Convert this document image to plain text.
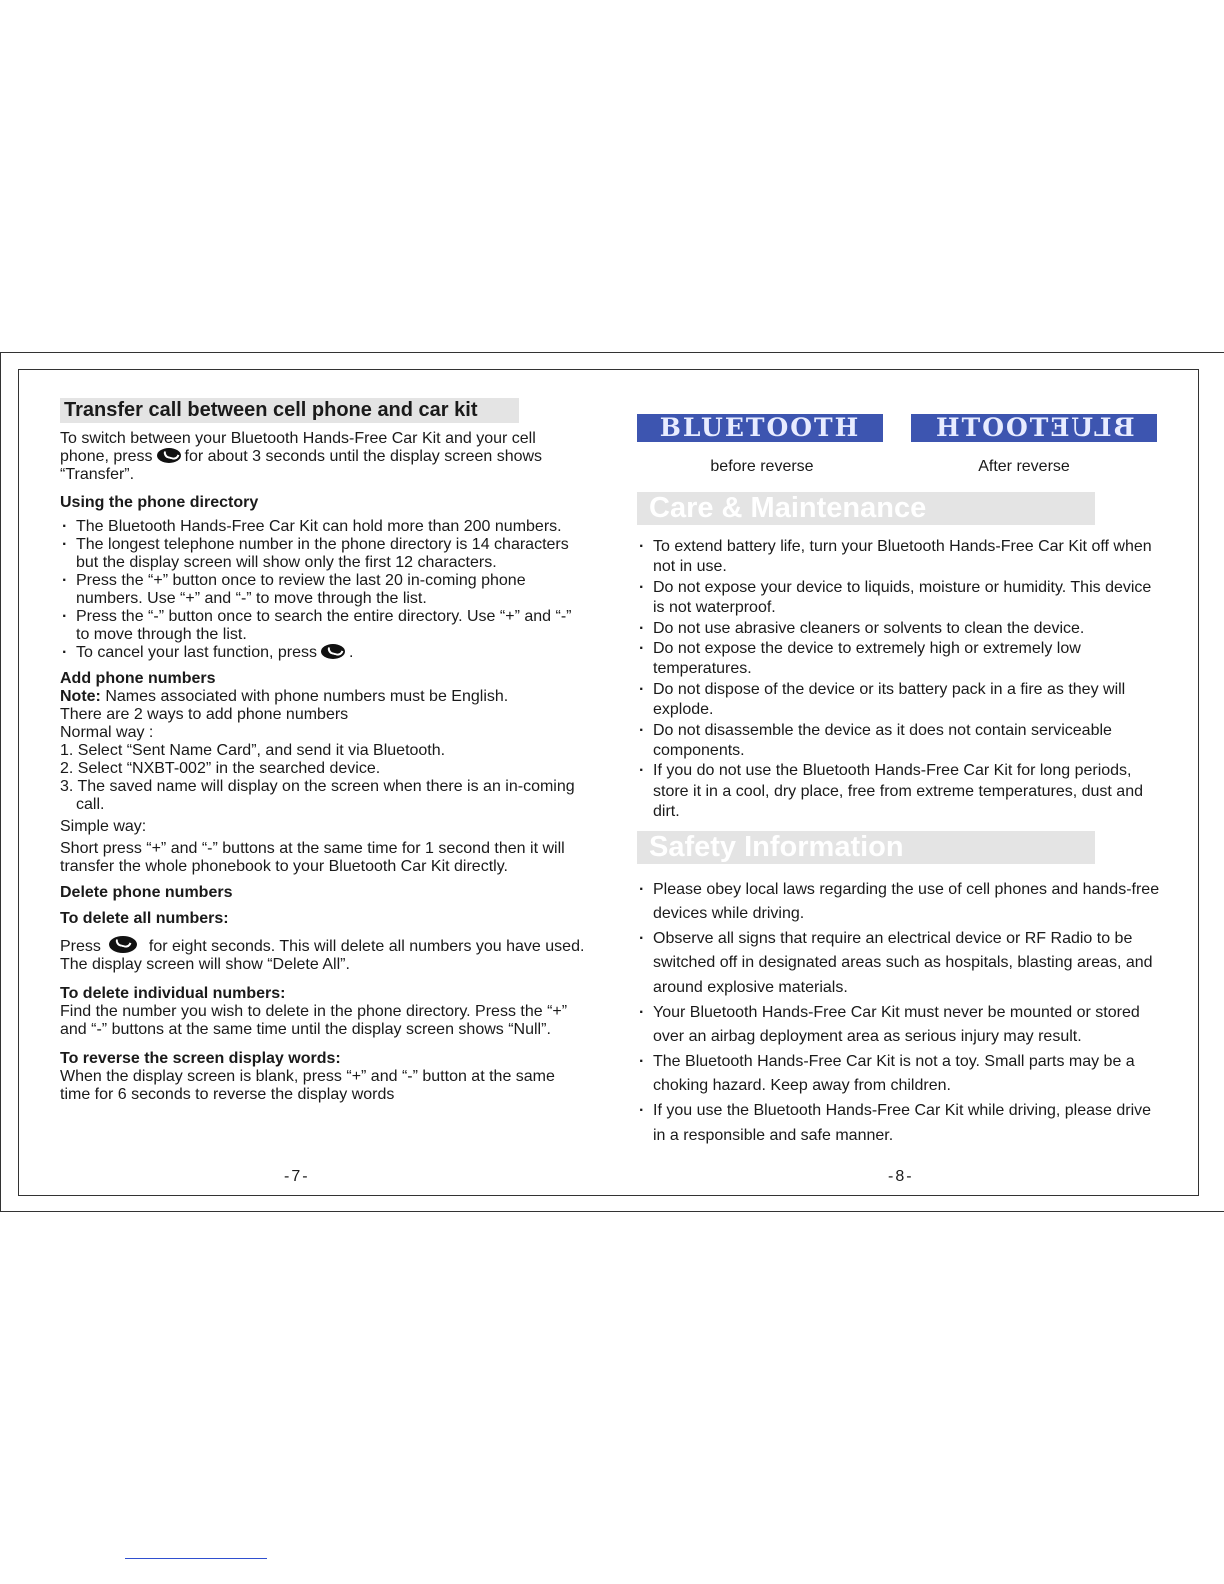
Transfer call between cell phone and car kit

To switch between your Bluetooth Hands-Free Car Kit and your cell phone, press for about 3 seconds until the display screen shows “Transfer”.

Using the phone directory
· The Bluetooth Hands-Free Car Kit can hold more than 200 numbers.
· The longest telephone number in the phone directory is 14 characters but the display screen will show only the first 12 characters.
· Press the “+” button once to review the last 20 in-coming phone numbers. Use “+” and “-” to move through the list.
· Press the “-” button once to search the entire directory. Use “+” and “-” to move through the list.
· To cancel your last function, press .
Add phone numbers

Note: Names associated with phone numbers must be English.

There are 2 ways to add phone numbers

Normal way :

1. Select “Sent Name Card”, and send it via Bluetooth.

2. Select “NXBT-002” in the searched device.

3. The saved name will display on the screen when there is an in-coming call.

Simple way:

Short press “+” and “-” buttons at the same time for 1 second then it will transfer the whole phonebook to your Bluetooth Car Kit directly.

Delete phone numbers
To delete all numbers:

Press	for eight seconds. This will delete all numbers you have used. The display screen will show “Delete All”.

To delete individual numbers:

Find the number you wish to delete in the phone directory. Press the “+” and “-” buttons at the same time until the display screen shows “Null”.

To reverse the screen display words:

When the display screen is blank, press “+” and “-” button at the same time for 6 seconds to reverse the display words

-7-
BLUETOOTH	BLUETOOTH
before reverse	After reverse
Care & Maintenance
· To extend battery life, turn your Bluetooth Hands-Free Car Kit off when not in use.
· Do not expose your device to liquids, moisture or humidity. This device is not waterproof.
· Do not use abrasive cleaners or solvents to clean the device.
· Do not expose the device to extremely high or extremely low temperatures.
· Do not dispose of the device or its battery pack in a fire as they will explode.
· Do not disassemble the device as it does not contain serviceable components.
· If you do not use the Bluetooth Hands-Free Car Kit for long periods, store it in a cool, dry place, free from extreme temperatures, dust and dirt.
Safety Information
· Please obey local laws regarding the use of cell phones and hands-free devices while driving.
· Observe all signs that require an electrical device or RF Radio to be switched off in designated areas such as hospitals, blasting areas, and around explosive materials.
· Your Bluetooth Hands-Free Car Kit must never be mounted or stored over an airbag deployment area as serious injury may result.
· The Bluetooth Hands-Free Car Kit is not a toy. Small parts may be a choking hazard. Keep away from children.
· If you use the Bluetooth Hands-Free Car Kit while driving, please drive in a responsible and safe manner.
-8-
